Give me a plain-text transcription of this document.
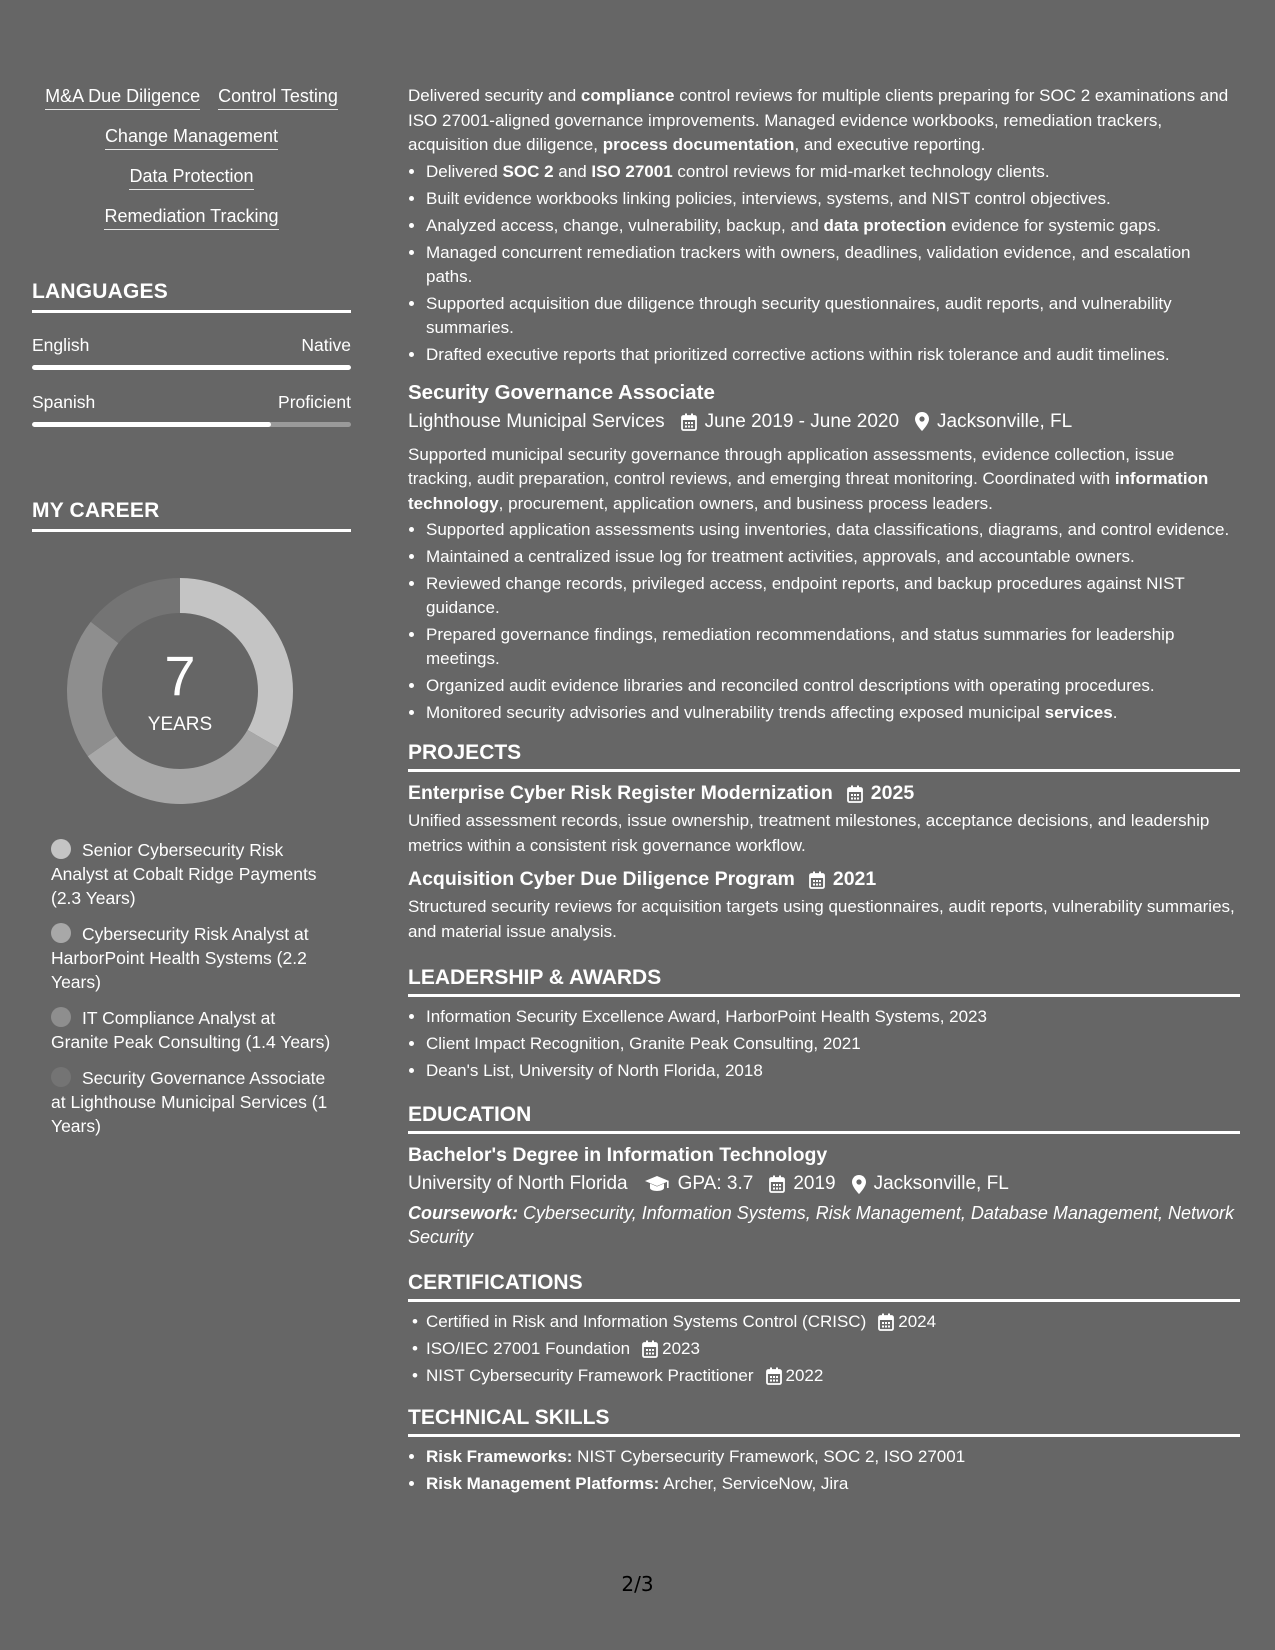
M&A Due Diligence Control Testing
Change Management
Data Protection
Remediation Tracking
LANGUAGES
English	Native
Spanish	Proficient
MY CAREER
7
YEARS
Senior Cybersecurity Risk Analyst at Cobalt Ridge Payments (2.3 Years)
Cybersecurity Risk Analyst at HarborPoint Health Systems (2.2 Years)
IT Compliance Analyst at Granite Peak Consulting (1.4 Years)
Security Governance Associate at Lighthouse Municipal Services (1 Years)

Delivered security and compliance control reviews for multiple clients preparing for SOC 2 examinations and ISO 27001-aligned governance improvements. Managed evidence workbooks, remediation trackers, acquisition due diligence, process documentation, and executive reporting.

• Delivered SOC 2 and ISO 27001 control reviews for mid-market technology clients.
• Built evidence workbooks linking policies, interviews, systems, and NIST control objectives.
• Analyzed access, change, vulnerability, backup, and data protection evidence for systemic gaps.
• Managed concurrent remediation trackers with owners, deadlines, validation evidence, and escalation paths.
• Supported acquisition due diligence through security questionnaires, audit reports, and vulnerability summaries.
• Drafted executive reports that prioritized corrective actions within risk tolerance and audit timelines.
Security Governance Associate
Lighthouse Municipal Services June 2019 - June 2020 Jacksonville, FL

Supported municipal security governance through application assessments, evidence collection, issue tracking, audit preparation, control reviews, and emerging threat monitoring. Coordinated with information technology, procurement, application owners, and business process leaders.

• Supported application assessments using inventories, data classifications, diagrams, and control evidence.
• Maintained a centralized issue log for treatment activities, approvals, and accountable owners.
• Reviewed change records, privileged access, endpoint reports, and backup procedures against NIST guidance.
• Prepared governance findings, remediation recommendations, and status summaries for leadership meetings.
• Organized audit evidence libraries and reconciled control descriptions with operating procedures.
• Monitored security advisories and vulnerability trends affecting exposed municipal services.
PROJECTS
Enterprise Cyber Risk Register Modernization 2025

Unified assessment records, issue ownership, treatment milestones, acceptance decisions, and leadership metrics within a consistent risk governance workflow.

Acquisition Cyber Due Diligence Program 2021

Structured security reviews for acquisition targets using questionnaires, audit reports, vulnerability summaries, and material issue analysis.

LEADERSHIP & AWARDS
• Information Security Excellence Award, HarborPoint Health Systems, 2023
• Client Impact Recognition, Granite Peak Consulting, 2021
• Dean's List, University of North Florida, 2018
EDUCATION
Bachelor's Degree in Information Technology
University of North Florida	GPA: 3.7 2019 Jacksonville, FL
Coursework: Cybersecurity, Information Systems, Risk Management, Database Management, Network Security
CERTIFICATIONS
• Certified in Risk and Information Systems Control (CRISC) 2024
• ISO/IEC 27001 Foundation 2023
• NIST Cybersecurity Framework Practitioner 2022
TECHNICAL SKILLS
• Risk Frameworks: NIST Cybersecurity Framework, SOC 2, ISO 27001
• Risk Management Platforms: Archer, ServiceNow, Jira
2/3
